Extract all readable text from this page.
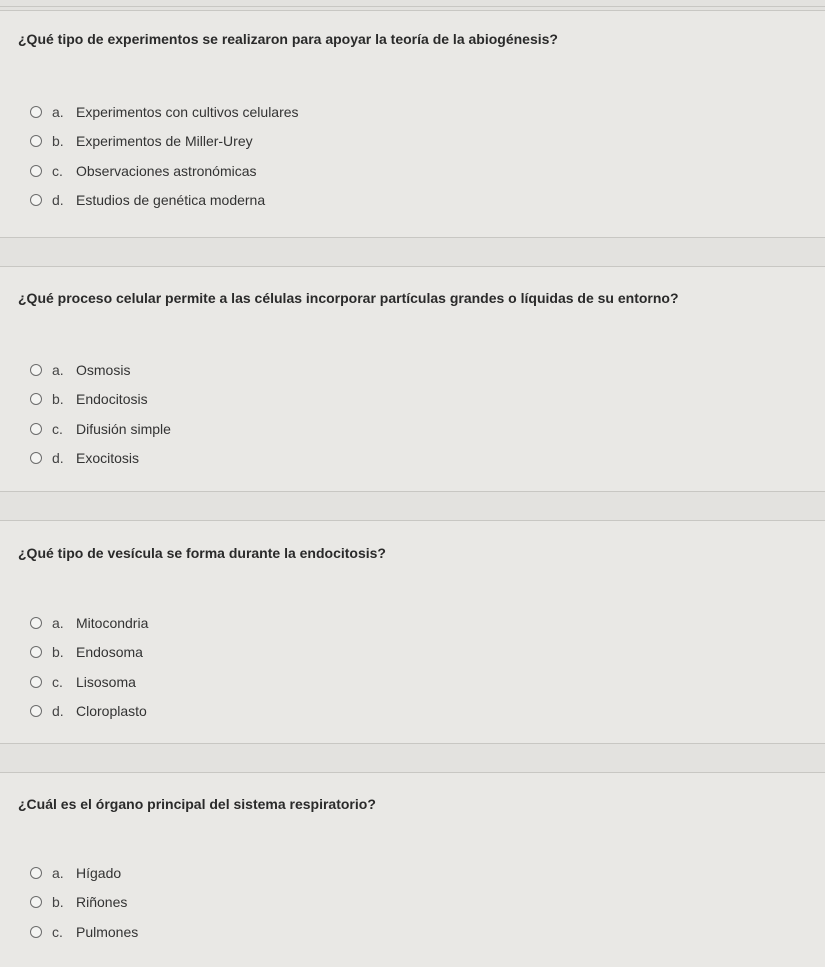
¿Qué tipo de experimentos se realizaron para apoyar la teoría de la abiogénesis?
a. Experimentos con cultivos celulares
b. Experimentos de Miller-Urey
c. Observaciones astronómicas
d. Estudios de genética moderna
¿Qué proceso celular permite a las células incorporar partículas grandes o líquidas de su entorno?
a. Osmosis
b. Endocitosis
c. Difusión simple
d. Exocitosis
¿Qué tipo de vesícula se forma durante la endocitosis?
a. Mitocondria
b. Endosoma
c. Lisosoma
d. Cloroplasto
¿Cuál es el órgano principal del sistema respiratorio?
a. Hígado
b. Riñones
c. Pulmones
